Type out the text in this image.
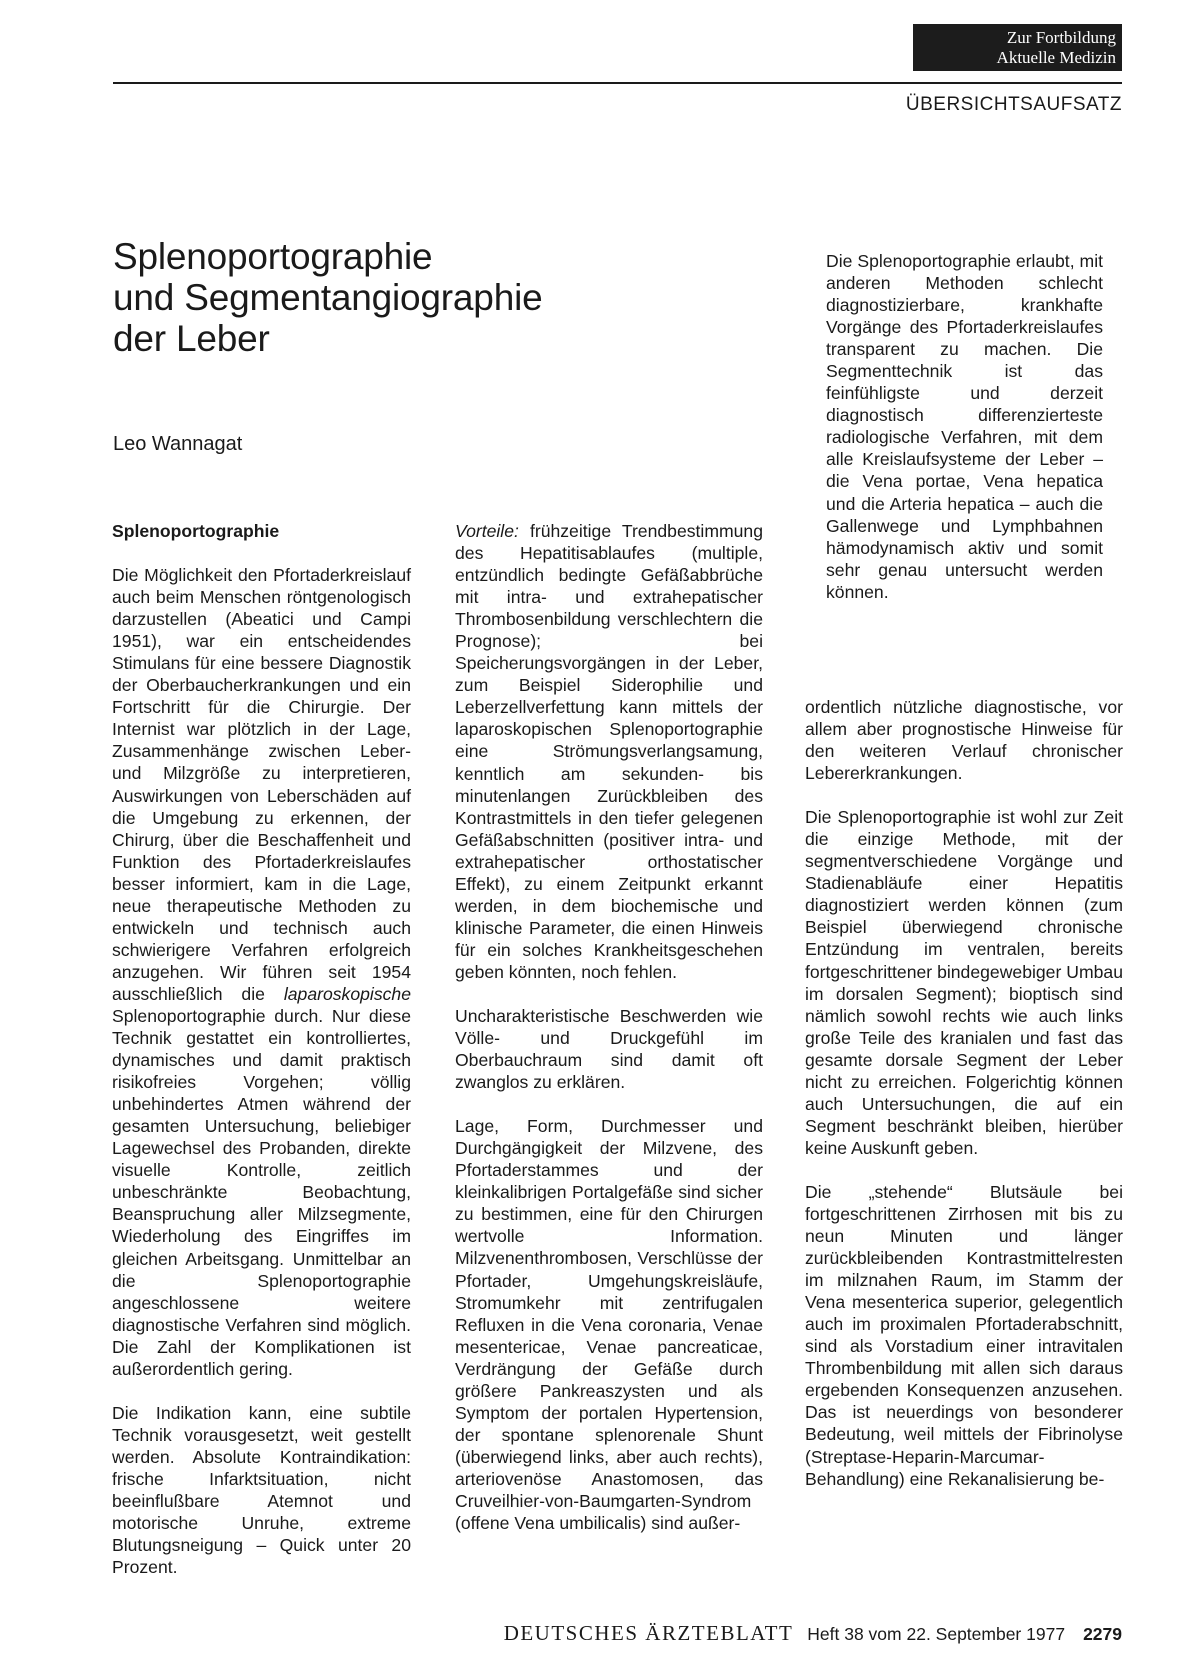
Zur Fortbildung
Aktuelle Medizin
ÜBERSICHTSAUFSATZ
Splenoportographie
und Segmentangiographie
der Leber
Leo Wannagat

Die Splenoportographie erlaubt, mit anderen Methoden schlecht diagnostizierbare, krankhafte Vorgänge des Pfortaderkreislaufes transparent zu machen. Die Segmenttechnik ist das feinfühligste und derzeit diagnostisch differenzierteste radiologische Verfahren, mit dem alle Kreislaufsysteme der Leber – die Vena portae, Vena hepatica und die Arteria hepatica – auch die Gallenwege und Lymphbahnen hämodynamisch aktiv und somit sehr genau untersucht werden können.

Splenoportographie

Die Möglichkeit den Pfortaderkreislauf auch beim Menschen röntgenologisch darzustellen (Abeatici und Campi 1951), war ein entscheidendes Stimulans für eine bessere Diagnostik der Oberbaucherkrankungen und ein Fortschritt für die Chirurgie. Der Internist war plötzlich in der Lage, Zusammenhänge zwischen Leber- und Milzgröße zu interpretieren, Auswirkungen von Leberschäden auf die Umgebung zu erkennen, der Chirurg, über die Beschaffenheit und Funktion des Pfortaderkreislaufes besser informiert, kam in die Lage, neue therapeutische Methoden zu entwickeln und technisch auch schwierigere Verfahren erfolgreich anzugehen. Wir führen seit 1954 ausschließlich die laparoskopische Splenoportographie durch. Nur diese Technik gestattet ein kontrolliertes, dynamisches und damit praktisch risikofreies Vorgehen; völlig unbehindertes Atmen während der gesamten Untersuchung, beliebiger Lagewechsel des Probanden, direkte visuelle Kontrolle, zeitlich unbeschränkte Beobachtung, Beanspruchung aller Milzsegmente, Wiederholung des Eingriffes im gleichen Arbeitsgang. Unmittelbar an die Splenoportographie angeschlossene weitere diagnostische Verfahren sind möglich. Die Zahl der Komplikationen ist außerordentlich gering.

Die Indikation kann, eine subtile Technik vorausgesetzt, weit gestellt werden. Absolute Kontraindikation: frische Infarktsituation, nicht beeinflußbare Atemnot und motorische Unruhe, extreme Blutungsneigung – Quick unter 20 Prozent.

Vorteile: frühzeitige Trendbestimmung des Hepatitisablaufes (multiple, entzündlich bedingte Gefäßabbrüche mit intra- und extrahepatischer Thrombosenbildung verschlechtern die Prognose); bei Speicherungsvorgängen in der Leber, zum Beispiel Siderophilie und Leberzellverfettung kann mittels der laparoskopischen Splenoportographie eine Strömungsverlangsamung, kenntlich am sekunden- bis minutenlangen Zurückbleiben des Kontrastmittels in den tiefer gelegenen Gefäßabschnitten (positiver intra- und extrahepatischer orthostatischer Effekt), zu einem Zeitpunkt erkannt werden, in dem biochemische und klinische Parameter, die einen Hinweis für ein solches Krankheitsgeschehen geben könnten, noch fehlen.

Uncharakteristische Beschwerden wie Völle- und Druckgefühl im Oberbauchraum sind damit oft zwanglos zu erklären.

Lage, Form, Durchmesser und Durchgängigkeit der Milzvene, des Pfortaderstammes und der kleinkalibrigen Portalgefäße sind sicher zu bestimmen, eine für den Chirurgen wertvolle Information. Milzvenenthrombosen, Verschlüsse der Pfortader, Umgehungskreisläufe, Stromumkehr mit zentrifugalen Refluxen in die Vena coronaria, Venae mesentericae, Venae pancreaticae, Verdrängung der Gefäße durch größere Pankreaszysten und als Symptom der portalen Hypertension, der spontane splenorenale Shunt (überwiegend links, aber auch rechts), arteriovenöse Anastomosen, das Cruveilhier-von-Baumgarten-Syndrom (offene Vena umbilicalis) sind außer-

ordentlich nützliche diagnostische, vor allem aber prognostische Hinweise für den weiteren Verlauf chronischer Lebererkrankungen.

Die Splenoportographie ist wohl zur Zeit die einzige Methode, mit der segmentverschiedene Vorgänge und Stadienabläufe einer Hepatitis diagnostiziert werden können (zum Beispiel überwiegend chronische Entzündung im ventralen, bereits fortgeschrittener bindegewebiger Umbau im dorsalen Segment); bioptisch sind nämlich sowohl rechts wie auch links große Teile des kranialen und fast das gesamte dorsale Segment der Leber nicht zu erreichen. Folgerichtig können auch Untersuchungen, die auf ein Segment beschränkt bleiben, hierüber keine Auskunft geben.

Die „stehende“ Blutsäule bei fortgeschrittenen Zirrhosen mit bis zu neun Minuten und länger zurückbleibenden Kontrastmittelresten im milznahen Raum, im Stamm der Vena mesenterica superior, gelegentlich auch im proximalen Pfortaderabschnitt, sind als Vorstadium einer intravitalen Thrombenbildung mit allen sich daraus ergebenden Konsequenzen anzusehen. Das ist neuerdings von besonderer Bedeutung, weil mittels der Fibrinolyse (Streptase-Heparin-Marcumar-Behandlung) eine Rekanalisierung be-

DEUTSCHES ÄRZTEBLATT Heft 38 vom 22. September 1977 2279
